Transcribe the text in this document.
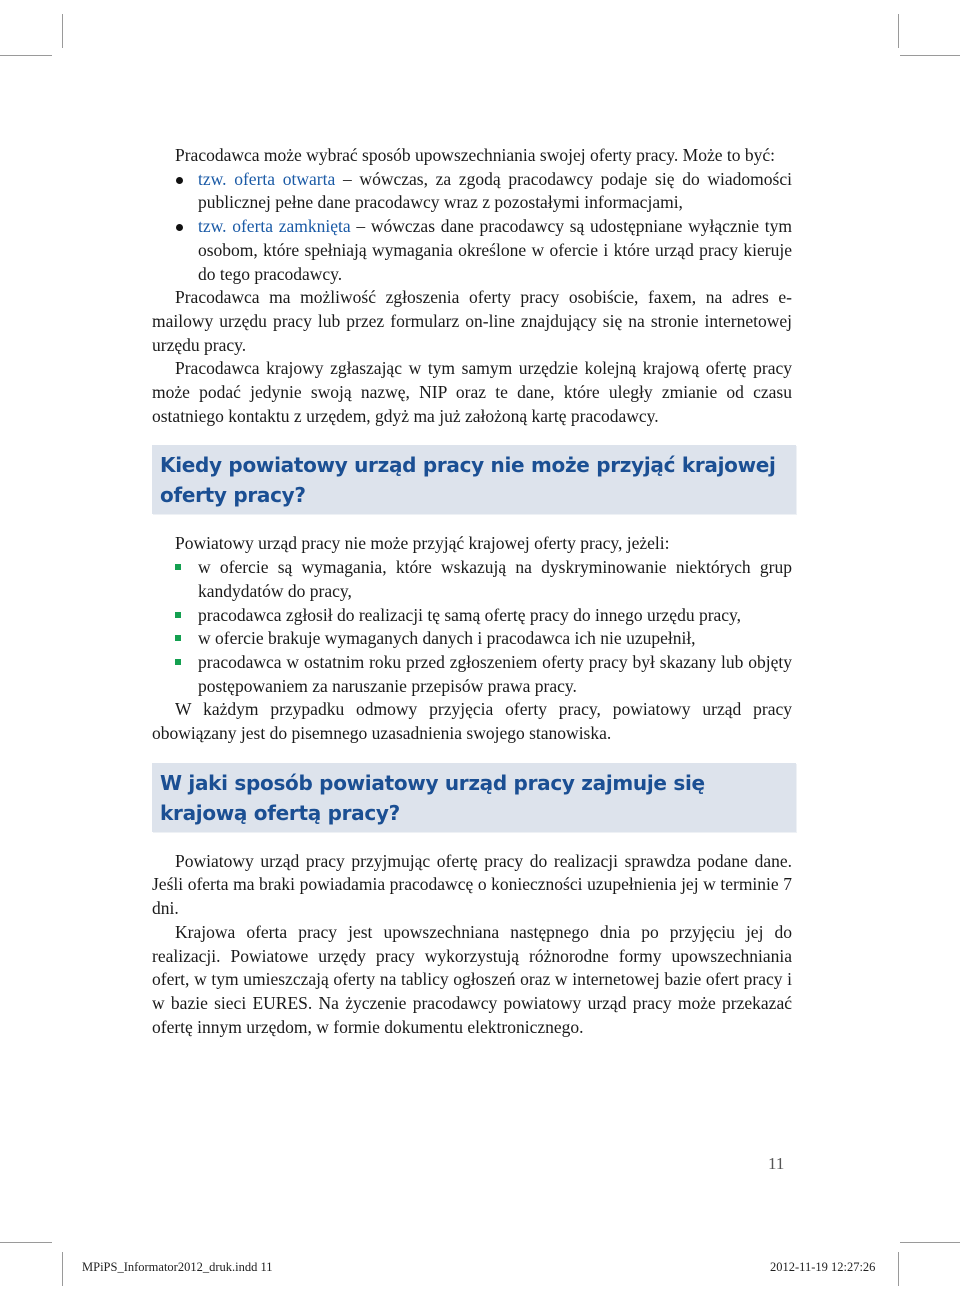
Pracodawca może wybrać sposób upowszechniania swojej oferty pracy. Może to być:

tzw. oferta otwarta – wówczas, za zgodą pracodawcy podaje się do wiadomości publicznej pełne dane pracodawcy wraz z pozostałymi informacjami,
tzw. oferta zamknięta – wówczas dane pracodawcy są udostępniane wyłącznie tym osobom, które spełniają wymagania określone w ofercie i które urząd pracy kieruje do tego pracodawcy.

Pracodawca ma możliwość zgłoszenia oferty pracy osobiście, faxem, na adres e-mailowy urzędu pracy lub przez formularz on-line znajdujący się na stronie internetowej urzędu pracy.

Pracodawca krajowy zgłaszając w tym samym urzędzie kolejną krajową ofertę pracy może podać jedynie swoją nazwę, NIP oraz te dane, które uległy zmianie od czasu ostatniego kontaktu z urzędem, gdyż ma już założoną kartę pracodawcy.

Kiedy powiatowy urząd pracy nie może przyjąć krajowej oferty pracy?

Powiatowy urząd pracy nie może przyjąć krajowej oferty pracy, jeżeli:

w ofercie są wymagania, które wskazują na dyskryminowanie niektórych grup kandydatów do pracy,
pracodawca zgłosił do realizacji tę samą ofertę pracy do innego urzędu pracy,
w ofercie brakuje wymaganych danych i pracodawca ich nie uzupełnił,
pracodawca w ostatnim roku przed zgłoszeniem oferty pracy był skazany lub objęty postępowaniem za naruszanie przepisów prawa pracy.

W każdym przypadku odmowy przyjęcia oferty pracy, powiatowy urząd pracy obowiązany jest do pisemnego uzasadnienia swojego stanowiska.

W jaki sposób powiatowy urząd pracy zajmuje się krajową ofertą pracy?

Powiatowy urząd pracy przyjmując ofertę pracy do realizacji sprawdza podane dane. Jeśli oferta ma braki powiadamia pracodawcę o konieczności uzupełnienia jej w terminie 7 dni.

Krajowa oferta pracy jest upowszechniana następnego dnia po przyjęciu jej do realizacji. Powiatowe urzędy pracy wykorzystują różnorodne formy upowszechniania ofert, w tym umieszczają oferty na tablicy ogłoszeń oraz w internetowej bazie ofert pracy i w bazie sieci EURES. Na życzenie pracodawcy powiatowy urząd pracy może przekazać ofertę innym urzędom, w formie dokumentu elektronicznego.

11
MPiPS_Informator2012_druk.indd 11	2012-11-19 12:27:26
